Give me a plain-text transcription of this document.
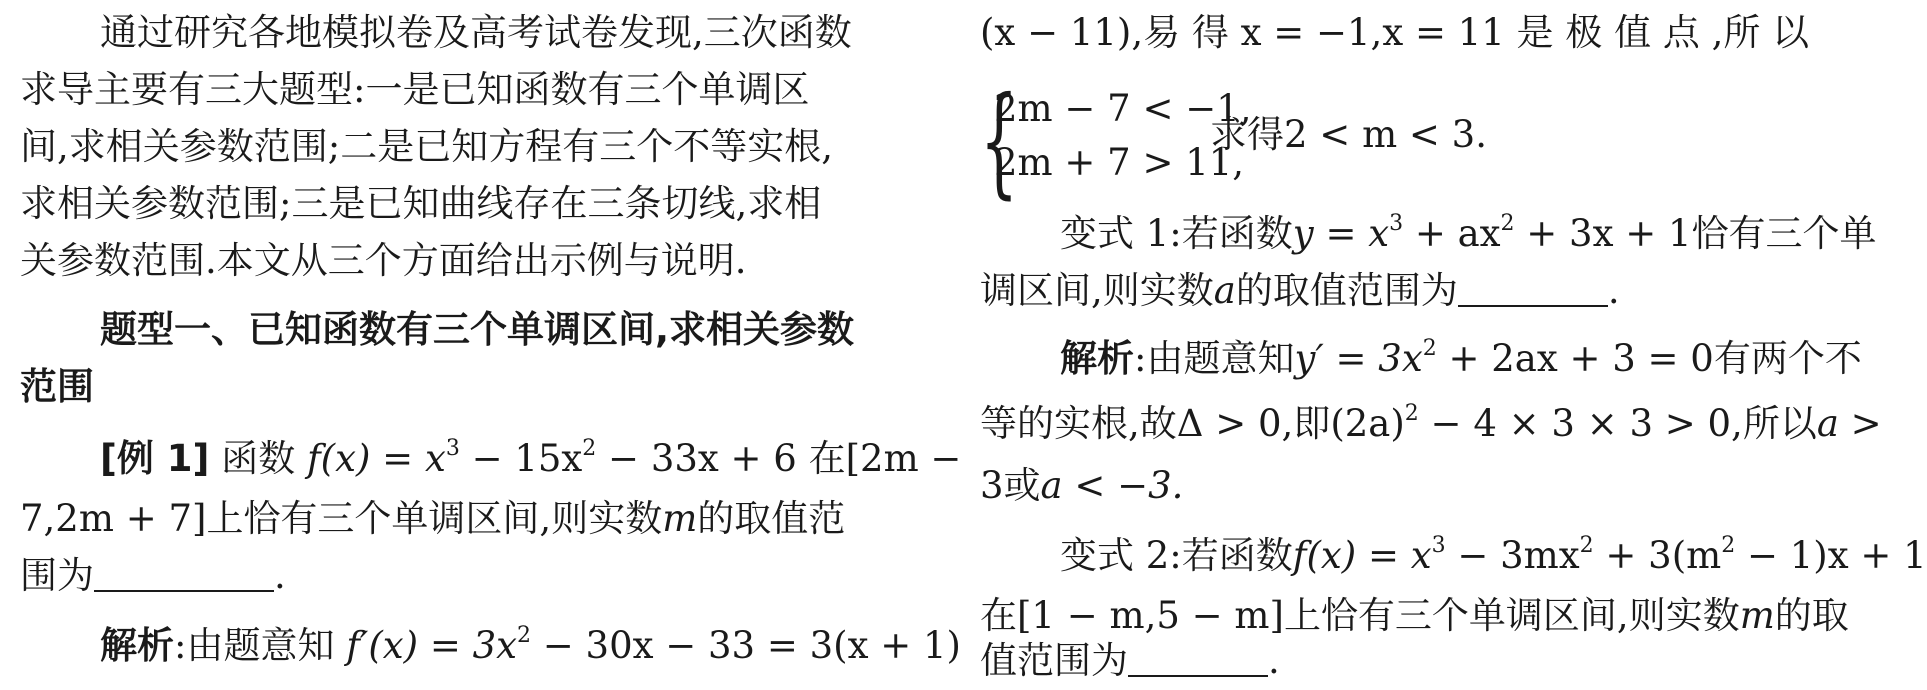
通过研究各地模拟卷及高考试卷发现,三次函数
求导主要有三大题型:一是已知函数有三个单调区
间,求相关参数范围;二是已知方程有三个不等实根,
求相关参数范围;三是已知曲线存在三条切线,求相
关参数范围.本文从三个方面给出示例与说明.
题型一、已知函数有三个单调区间,求相关参数
范围
[例 1] 函数 $f(x) = x^3 - 15x^2 - 33x + 6$ 在[2m −
7,2m + 7]上恰有三个单调区间,则实数m的取值范
围为	.
解析:由题意知 $f'(x) = 3x^2 - 30x - 33 = 3(x + 1)$
(x − 11),易 得 x = −1,x = 11 是 极 值 点 ,所 以
{
2m − 7 < −1,
2m + 7 > 11,
求得2 < m < 3.
变式 1:若函数$y = x^3 + ax^2 + 3x + 1$恰有三个单
调区间,则实数a的取值范围为	.
解析:由题意知$y' = 3x^2 + 2ax + 3 = 0$有两个不
等的实根,故Δ > 0,即$(2a)^2 - 4 \times 3 \times 3 > 0$,所以a >
3或a < −3.
变式 2:若函数$f(x) = x^3 - 3mx^2 + 3(m^2 - 1)x + 1$
在[1 − m,5 − m]上恰有三个单调区间,则实数m的取
值范围为	.
